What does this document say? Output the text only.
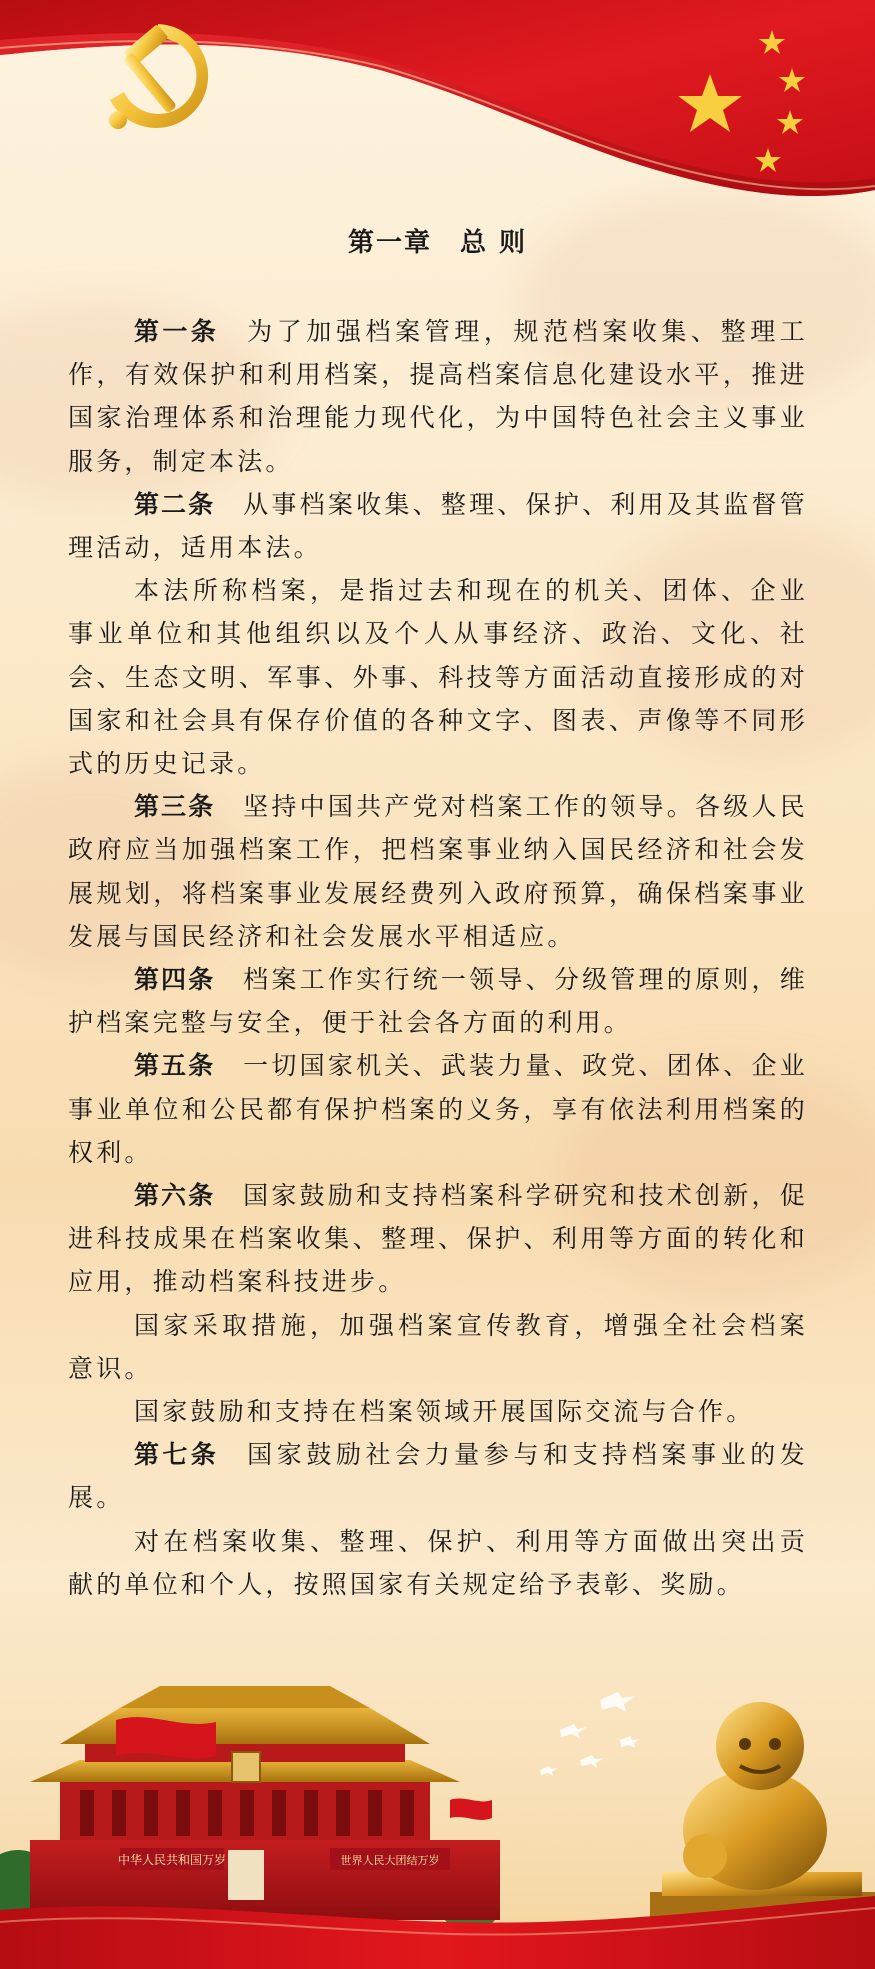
第一章　总 则

第一条 为了加强档案管理，规范档案收集、整理工作，有效保护和利用档案，提高档案信息化建设水平，推进国家治理体系和治理能力现代化，为中国特色社会主义事业服务，制定本法。

第二条 从事档案收集、整理、保护、利用及其监督管理活动，适用本法。

本法所称档案，是指过去和现在的机关、团体、企业事业单位和其他组织以及个人从事经济、政治、文化、社会、生态文明、军事、外事、科技等方面活动直接形成的对国家和社会具有保存价值的各种文字、图表、声像等不同形式的历史记录。

第三条 坚持中国共产党对档案工作的领导。各级人民政府应当加强档案工作，把档案事业纳入国民经济和社会发展规划，将档案事业发展经费列入政府预算，确保档案事业发展与国民经济和社会发展水平相适应。

第四条 档案工作实行统一领导、分级管理的原则，维护档案完整与安全，便于社会各方面的利用。

第五条 一切国家机关、武装力量、政党、团体、企业事业单位和公民都有保护档案的义务，享有依法利用档案的权利。

第六条 国家鼓励和支持档案科学研究和技术创新，促进科技成果在档案收集、整理、保护、利用等方面的转化和应用，推动档案科技进步。

国家采取措施，加强档案宣传教育，增强全社会档案意识。

国家鼓励和支持在档案领域开展国际交流与合作。

第七条 国家鼓励社会力量参与和支持档案事业的发展。

对在档案收集、整理、保护、利用等方面做出突出贡献的单位和个人，按照国家有关规定给予表彰、奖励。

中华人民共和国万岁	世界人民大团结万岁
